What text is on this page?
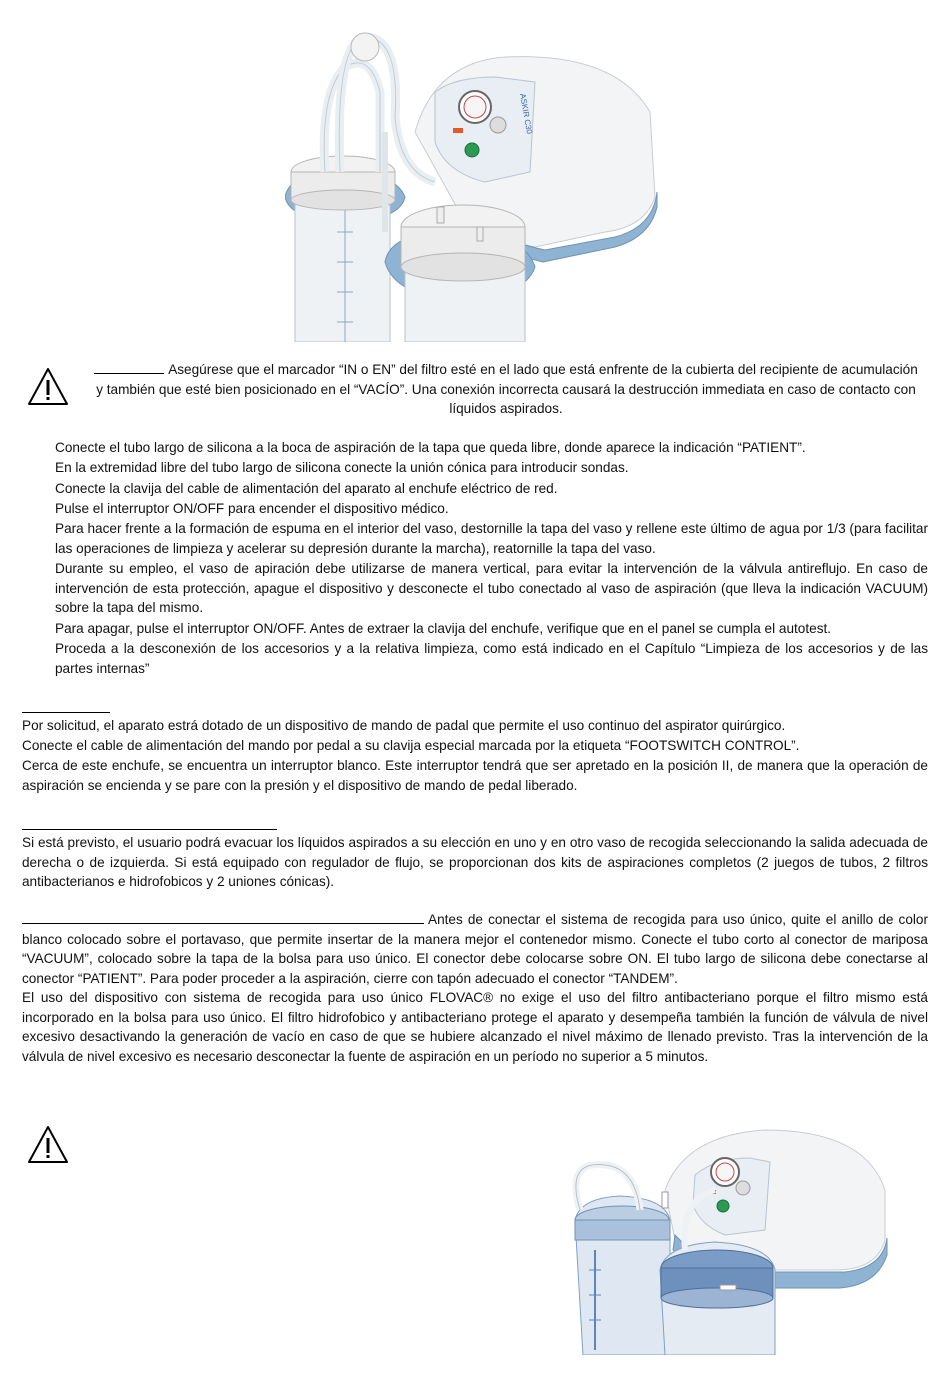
ASKIR C30
Asegúrese que el marcador “IN o EN” del filtro esté en el lado que está enfrente de la cubierta del recipiente de acumulación y también que esté bien posicionado en el “VACÍO”. Una conexión incorrecta causará la destrucción immediata en caso de contacto con líquidos aspirados.

Conecte el tubo largo de silicona a la boca de aspiración de la tapa que queda libre, donde aparece la indicación “PATIENT”.

En la extremidad libre del tubo largo de silicona conecte la unión cónica para introducir sondas.

Conecte la clavija del cable de alimentación del aparato al enchufe eléctrico de red.

Pulse el interruptor ON/OFF para encender el dispositivo médico.

Para hacer frente a la formación de espuma en el interior del vaso, destornille la tapa del vaso y rellene este último de agua por 1/3 (para facilitar las operaciones de limpieza y acelerar su depresión durante la marcha), reatornille la tapa del vaso.

Durante su empleo, el vaso de apiración debe utilizarse de manera vertical, para evitar la intervención de la válvula antireflujo. En caso de intervención de esta protección, apague el dispositivo y desconecte el tubo conectado al vaso de aspiración (que lleva la indicación VACUUM) sobre la tapa del mismo.

Para apagar, pulse el interruptor ON/OFF. Antes de extraer la clavija del enchufe, verifique que en el panel se cumpla el autotest.

Proceda a la desconexión de los accesorios y a la relativa limpieza, como está indicado en el Capítulo “Limpieza de los accesorios y de las partes internas”

Por solicitud, el aparato estrá dotado de un dispositivo de mando de padal que permite el uso continuo del aspirator quirúrgico.

Conecte el cable de alimentación del mando por pedal a su clavija especial marcada por la etiqueta “FOOTSWITCH CONTROL”.

Cerca de este enchufe, se encuentra un interruptor blanco. Este interruptor tendrá que ser apretado en la posición II, de manera que la operación de aspiración se encienda y se pare con la presión y el dispositivo de mando de pedal liberado.

Si está previsto, el usuario podrá evacuar los líquidos aspirados a su elección en uno y en otro vaso de recogida seleccionando la salida adecuada de derecha o de izquierda. Si está equipado con regulador de flujo, se proporcionan dos kits de aspiraciones completos (2 juegos de tubos, 2 filtros antibacterianos e hidrofobicos y 2 uniones cónicas).

Antes de conectar el sistema de recogida para uso único, quite el anillo de color blanco colocado sobre el portavaso, que permite insertar de la manera mejor el contenedor mismo. Conecte el tubo corto al conector de mariposa “VACUUM”, colocado sobre la tapa de la bolsa para uso único. El conector debe colocarse sobre ON. El tubo largo de silicona debe conectarse al conector “PATIENT”. Para poder proceder a la aspiración, cierre con tapón adecuado el conector “TANDEM”.

El uso del dispositivo con sistema de recogida para uso único FLOVAC® no exige el uso del filtro antibacteriano porque el filtro mismo está incorporado en la bolsa para uso único. El filtro hidrofobico y antibacteriano protege el aparato y desempeña también la función de válvula de nivel excesivo desactivando la generación de vacío en caso de que se hubiere alcanzado el nivel máximo de llenado previsto. Tras la intervención de la válvula de nivel excesivo es necesario desconectar la fuente de aspiración en un período no superior a 5 minutos.
